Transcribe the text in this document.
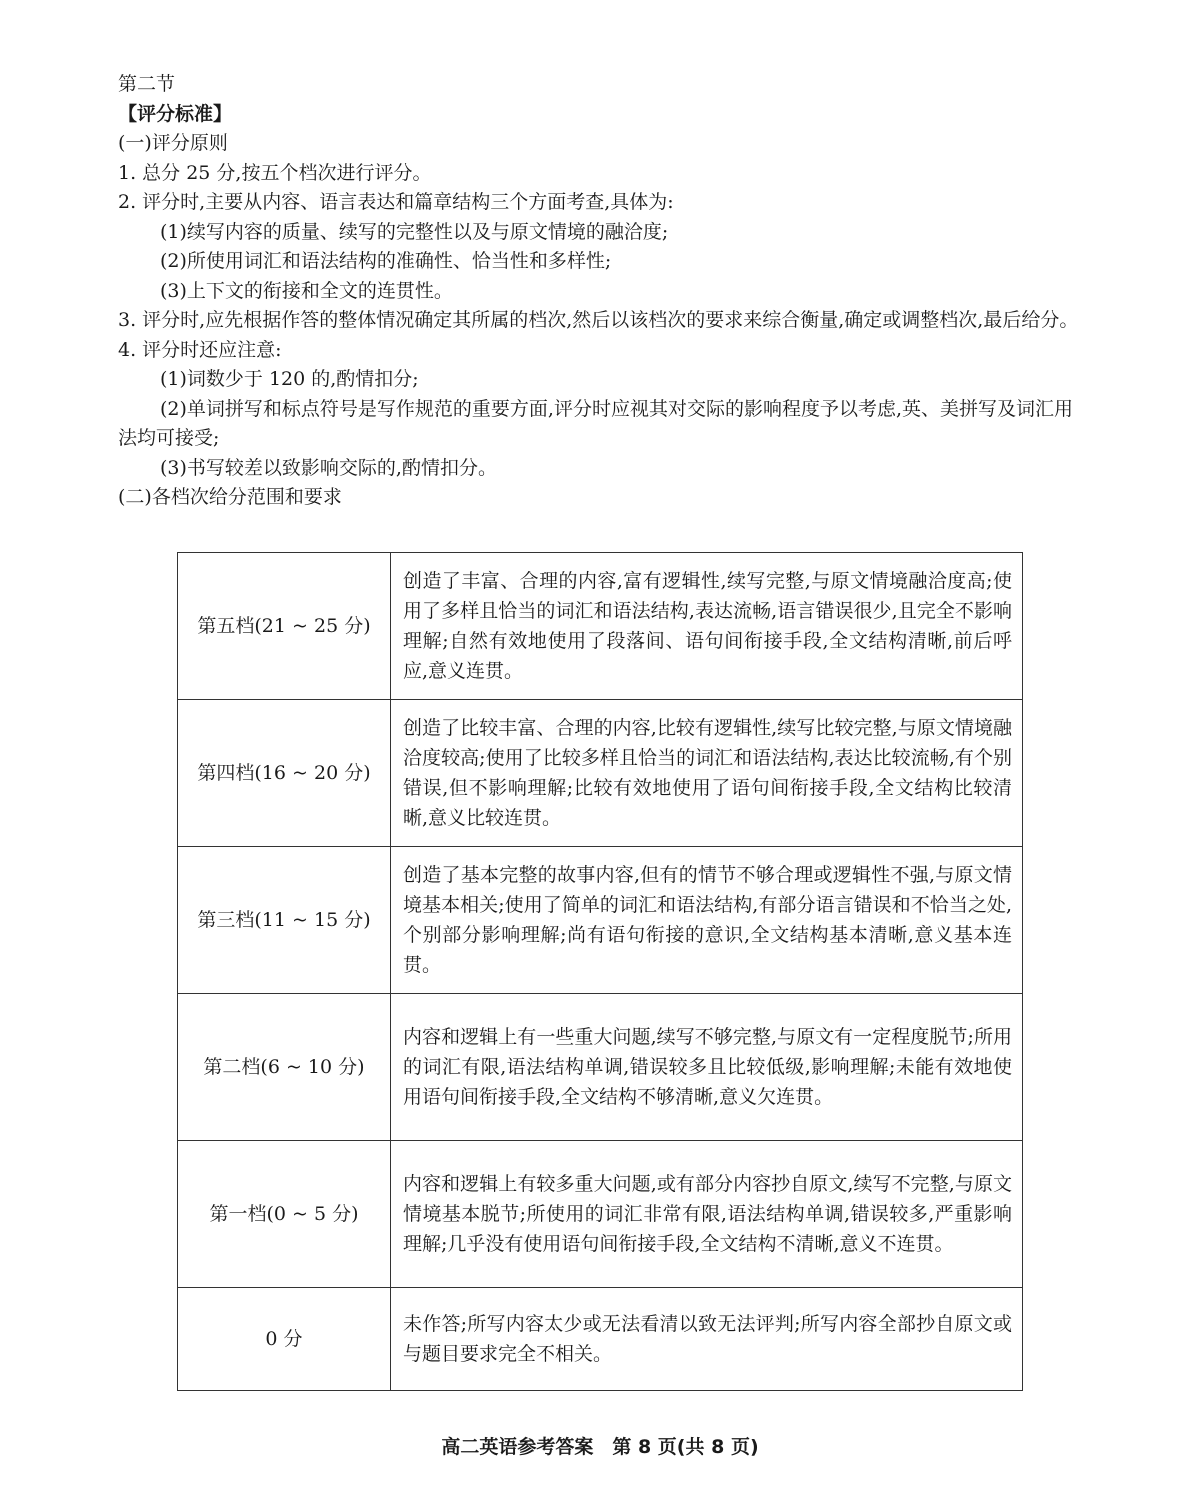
第二节
【评分标准】
(一)评分原则
1. 总分 25 分,按五个档次进行评分。
2. 评分时,主要从内容、语言表达和篇章结构三个方面考查,具体为:
(1)续写内容的质量、续写的完整性以及与原文情境的融洽度;
(2)所使用词汇和语法结构的准确性、恰当性和多样性;
(3)上下文的衔接和全文的连贯性。
3. 评分时,应先根据作答的整体情况确定其所属的档次,然后以该档次的要求来综合衡量,确定或调整档次,最后给分。
4. 评分时还应注意:
(1)词数少于 120 的,酌情扣分;
(2)单词拼写和标点符号是写作规范的重要方面,评分时应视其对交际的影响程度予以考虑,英、美拼写及词汇用法均可接受;
(3)书写较差以致影响交际的,酌情扣分。
(二)各档次给分范围和要求
第五档(21 ~ 25 分)	创造了丰富、合理的内容,富有逻辑性,续写完整,与原文情境融洽度高;使用了多样且恰当的词汇和语法结构,表达流畅,语言错误很少,且完全不影响理解;自然有效地使用了段落间、语句间衔接手段,全文结构清晰,前后呼应,意义连贯。
第四档(16 ~ 20 分)	创造了比较丰富、合理的内容,比较有逻辑性,续写比较完整,与原文情境融洽度较高;使用了比较多样且恰当的词汇和语法结构,表达比较流畅,有个别错误,但不影响理解;比较有效地使用了语句间衔接手段,全文结构比较清晰,意义比较连贯。
第三档(11 ~ 15 分)	创造了基本完整的故事内容,但有的情节不够合理或逻辑性不强,与原文情境基本相关;使用了简单的词汇和语法结构,有部分语言错误和不恰当之处,个别部分影响理解;尚有语句衔接的意识,全文结构基本清晰,意义基本连贯。
第二档(6 ~ 10 分)	内容和逻辑上有一些重大问题,续写不够完整,与原文有一定程度脱节;所用的词汇有限,语法结构单调,错误较多且比较低级,影响理解;未能有效地使用语句间衔接手段,全文结构不够清晰,意义欠连贯。
第一档(0 ~ 5 分)	内容和逻辑上有较多重大问题,或有部分内容抄自原文,续写不完整,与原文情境基本脱节;所使用的词汇非常有限,语法结构单调,错误较多,严重影响理解;几乎没有使用语句间衔接手段,全文结构不清晰,意义不连贯。
0 分	未作答;所写内容太少或无法看清以致无法评判;所写内容全部抄自原文或与题目要求完全不相关。
高二英语参考答案　第 8 页(共 8 页)
